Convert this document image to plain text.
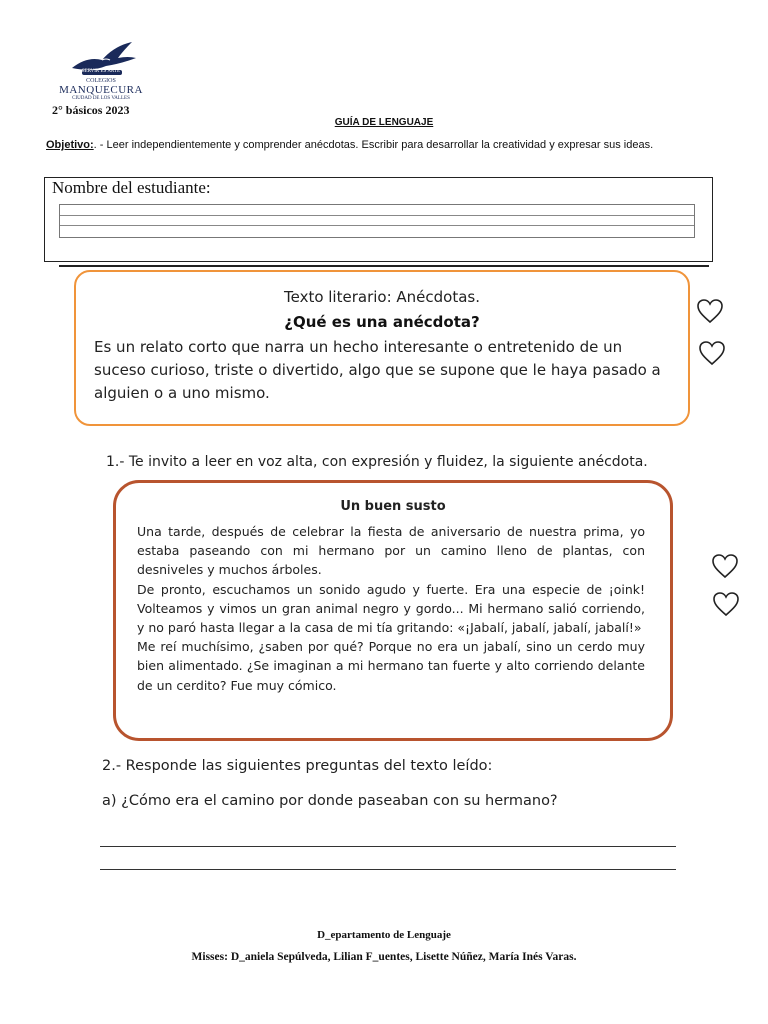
SERVIR ES ARTE
COLEGIOS
MANQUECURA
CIUDAD DE LOS VALLES
2° básicos 2023
GUÍA DE LENGUAJE
Objetivo:. - Leer independientemente y comprender anécdotas. Escribir para desarrollar la creatividad y expresar sus ideas.
Nombre del estudiante:
Texto literario: Anécdotas.
¿Qué es una anécdota?
Es un relato corto que narra un hecho interesante o entretenido de un suceso curioso, triste o divertido, algo que se supone que le haya pasado a alguien o a uno mismo.
1.- Te invito a leer en voz alta, con expresión y fluidez, la siguiente anécdota.
Un buen susto

Una tarde, después de celebrar la fiesta de aniversario de nuestra prima, yo estaba paseando con mi hermano por un camino lleno de plantas, con desniveles y muchos árboles.

De pronto, escuchamos un sonido agudo y fuerte. Era una especie de ¡oink! Volteamos y vimos un gran animal negro y gordo... Mi hermano salió corriendo, y no paró hasta llegar a la casa de mi tía gritando: «¡Jabalí, jabalí, jabalí, jabalí!»

Me reí muchísimo, ¿saben por qué? Porque no era un jabalí, sino un cerdo muy bien alimentado. ¿Se imaginan a mi hermano tan fuerte y alto corriendo delante de un cerdito? Fue muy cómico.

2.- Responde las siguientes preguntas del texto leído:
a) ¿Cómo era el camino por donde paseaban con su hermano?
D_epartamento de Lenguaje
Misses: D_aniela Sepúlveda, Lilian F_uentes, Lisette Núñez, María Inés Varas.
